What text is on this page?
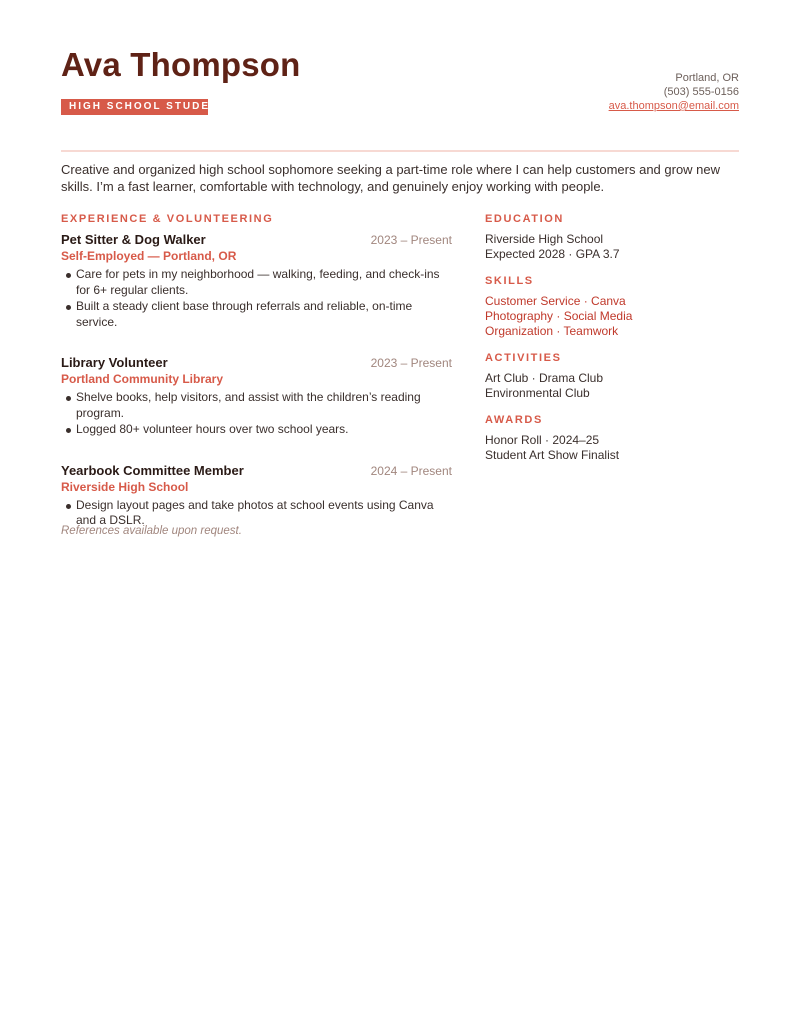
Ava Thompson
HIGH SCHOOL STUDENT
Portland, OR
(503) 555-0156
ava.thompson@email.com

Creative and organized high school sophomore seeking a part-time role where I can help customers and grow new skills. I’m a fast learner, comfortable with technology, and genuinely enjoy working with people.

EXPERIENCE & VOLUNTEERING
Pet Sitter & Dog Walker	2023 – Present
Self-Employed — Portland, OR
Care for pets in my neighborhood — walking, feeding, and check-ins for 6+ regular clients.
Built a steady client base through referrals and reliable, on-time service.
Library Volunteer	2023 – Present
Portland Community Library
Shelve books, help visitors, and assist with the children’s reading program.
Logged 80+ volunteer hours over two school years.
Yearbook Committee Member	2024 – Present
Riverside High School
Design layout pages and take photos at school events using Canva and a DSLR.
EDUCATION
Riverside High School
Expected 2028 · GPA 3.7
SKILLS
Customer Service · Canva
Photography · Social Media
Organization · Teamwork
ACTIVITIES
Art Club · Drama Club
Environmental Club
AWARDS
Honor Roll · 2024–25
Student Art Show Finalist
References available upon request.
